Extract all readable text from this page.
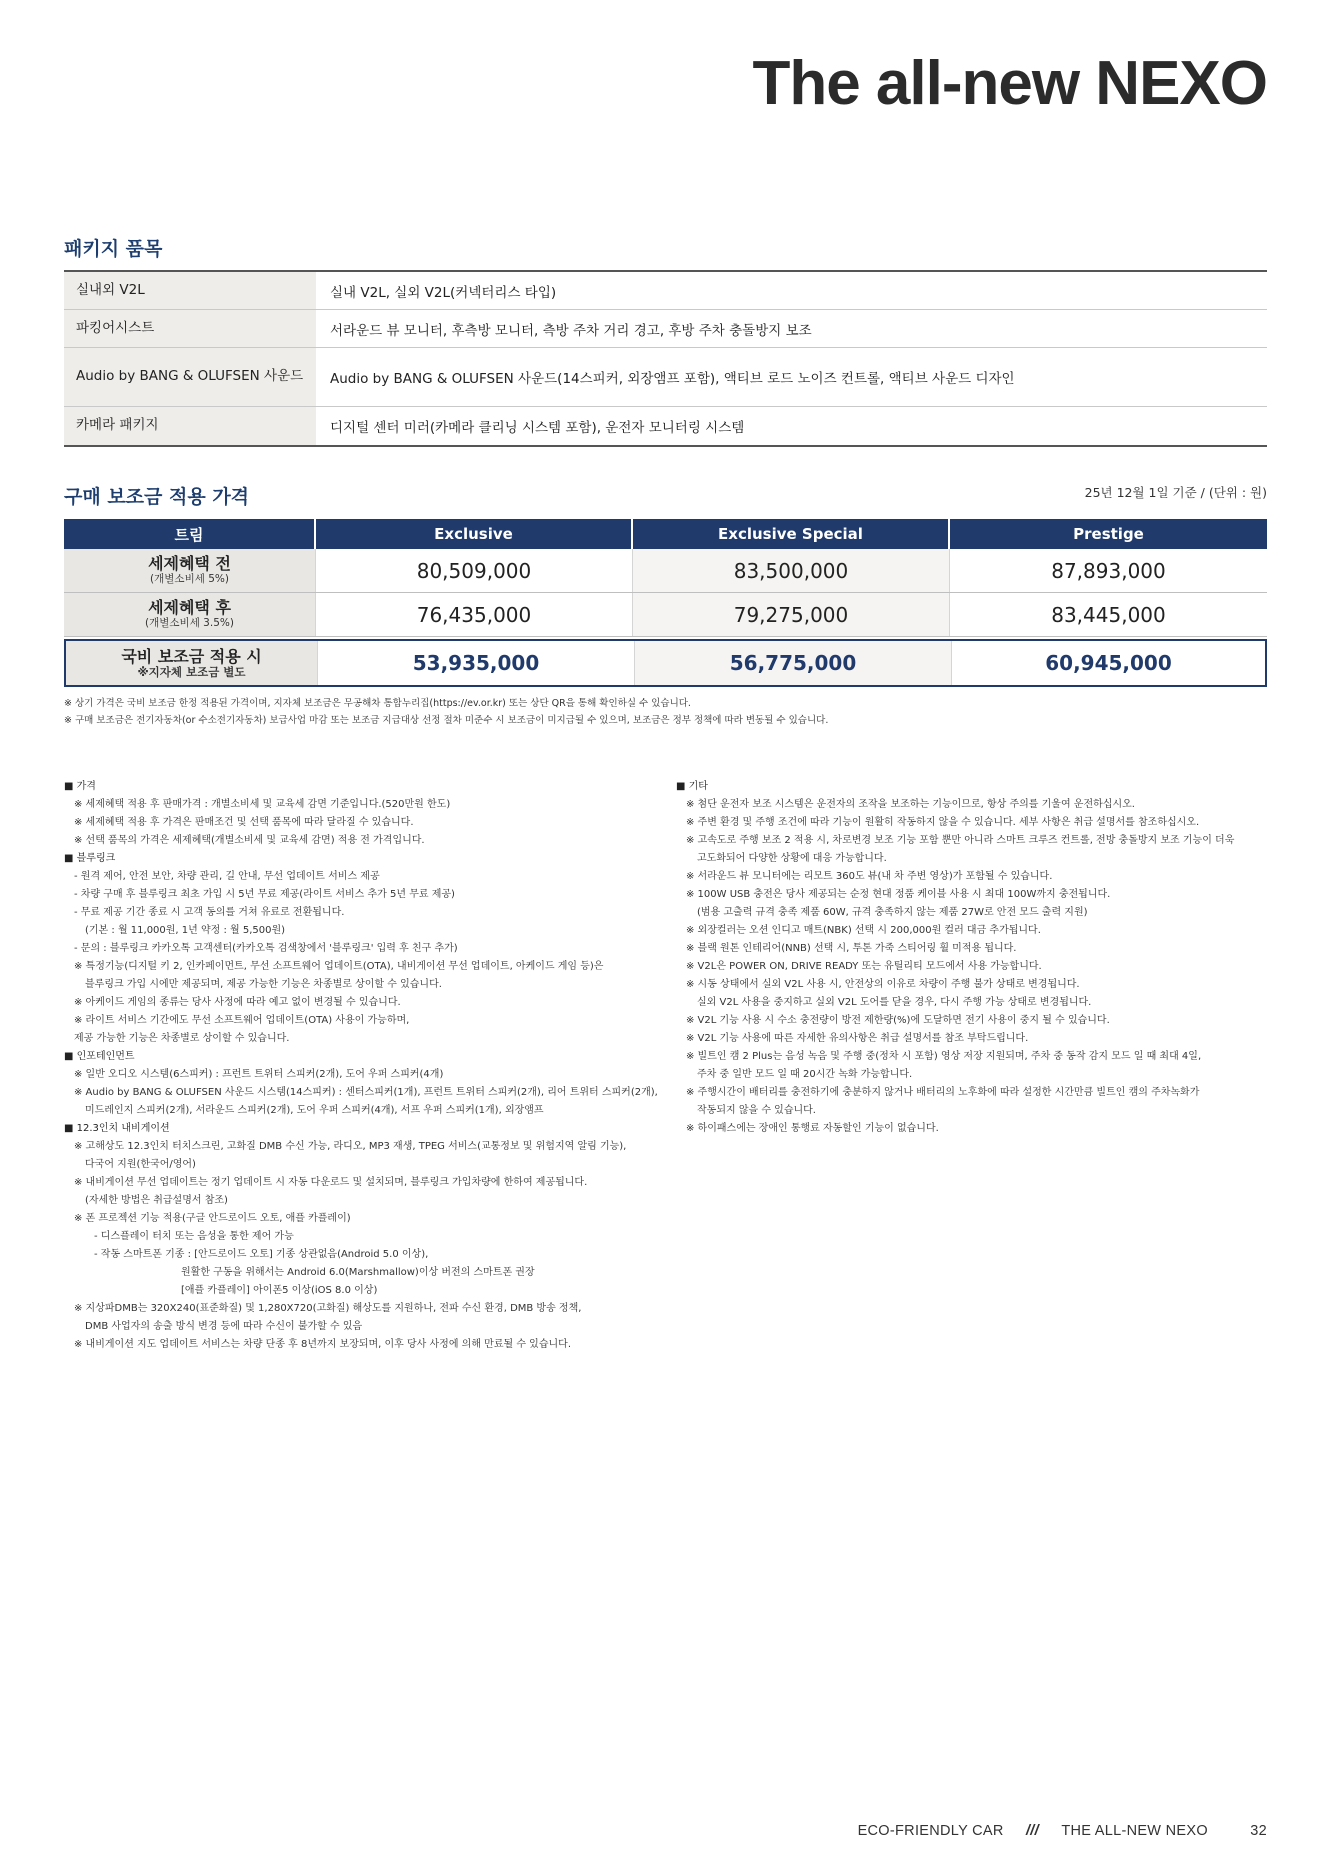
The all-new NEXO
패키지 품목
실내외 V2L	실내 V2L, 실외 V2L(커넥터리스 타입)
파킹어시스트	서라운드 뷰 모니터, 후측방 모니터, 측방 주차 거리 경고, 후방 주차 충돌방지 보조
Audio by BANG & OLUFSEN 사운드	Audio by BANG & OLUFSEN 사운드(14스피커, 외장앰프 포함), 액티브 로드 노이즈 컨트롤, 액티브 사운드 디자인
카메라 패키지	디지털 센터 미러(카메라 클리닝 시스템 포함), 운전자 모니터링 시스템
구매 보조금 적용 가격	25년 12월 1일 기준 / (단위 : 원)
트림	Exclusive	Exclusive Special	Prestige
세제혜택 전
(개별소비세 5%)	80,509,000	83,500,000	87,893,000
세제혜택 후
(개별소비세 3.5%)	76,435,000	79,275,000	83,445,000
국비 보조금 적용 시
※지자체 보조금 별도	53,935,000	56,775,000	60,945,000
※ 상기 가격은 국비 보조금 한정 적용된 가격이며, 지자체 보조금은 무공해차 통합누리집(https://ev.or.kr) 또는 상단 QR을 통해 확인하실 수 있습니다.
※ 구매 보조금은 전기자동차(or 수소전기자동차) 보급사업 마감 또는 보조금 지급대상 선정 절차 미준수 시 보조금이 미지급될 수 있으며, 보조금은 정부 정책에 따라 변동될 수 있습니다.
■ 가격
※ 세제혜택 적용 후 판매가격 : 개별소비세 및 교육세 감면 기준입니다.(520만원 한도)
※ 세제혜택 적용 후 가격은 판매조건 및 선택 품목에 따라 달라질 수 있습니다.
※ 선택 품목의 가격은 세제혜택(개별소비세 및 교육세 감면) 적용 전 가격입니다.
■ 블루링크
- 원격 제어, 안전 보안, 차량 관리, 길 안내, 무선 업데이트 서비스 제공
- 차량 구매 후 블루링크 최초 가입 시 5년 무료 제공(라이트 서비스 추가 5년 무료 제공)
- 무료 제공 기간 종료 시 고객 동의를 거쳐 유료로 전환됩니다.
(기본 : 월 11,000원, 1년 약정 : 월 5,500원)
- 문의 : 블루링크 카카오톡 고객센터(카카오톡 검색창에서 '블루링크' 입력 후 친구 추가)
※ 특정기능(디지털 키 2, 인카페이먼트, 무선 소프트웨어 업데이트(OTA), 내비게이션 무선 업데이트, 아케이드 게임 등)은
블루링크 가입 시에만 제공되며, 제공 가능한 기능은 차종별로 상이할 수 있습니다.
※ 아케이드 게임의 종류는 당사 사정에 따라 예고 없이 변경될 수 있습니다.
※ 라이트 서비스 기간에도 무선 소프트웨어 업데이트(OTA) 사용이 가능하며,
제공 가능한 기능은 차종별로 상이할 수 있습니다.
■ 인포테인먼트
※ 일반 오디오 시스템(6스피커) : 프런트 트위터 스피커(2개), 도어 우퍼 스피커(4개)
※ Audio by BANG & OLUFSEN 사운드 시스템(14스피커) : 센터스피커(1개), 프런트 트위터 스피커(2개), 리어 트위터 스피커(2개),
미드레인지 스피커(2개), 서라운드 스피커(2개), 도어 우퍼 스피커(4개), 서프 우퍼 스피커(1개), 외장앰프
■ 12.3인치 내비게이션
※ 고해상도 12.3인치 터치스크린, 고화질 DMB 수신 가능, 라디오, MP3 재생, TPEG 서비스(교통정보 및 위험지역 알림 기능),
다국어 지원(한국어/영어)
※ 내비게이션 무선 업데이트는 정기 업데이트 시 자동 다운로드 및 설치되며, 블루링크 가입차량에 한하여 제공됩니다.
(자세한 방법은 취급설명서 참조)
※ 폰 프로젝션 기능 적용(구글 안드로이드 오토, 애플 카플레이)
- 디스플레이 터치 또는 음성을 통한 제어 가능
- 작동 스마트폰 기종 : [안드로이드 오토] 기종 상관없음(Android 5.0 이상),
원활한 구동을 위해서는 Android 6.0(Marshmallow)이상 버전의 스마트폰 권장
[애플 카플레이] 아이폰5 이상(iOS 8.0 이상)
※ 지상파DMB는 320X240(표준화질) 및 1,280X720(고화질) 해상도를 지원하나, 전파 수신 환경, DMB 방송 정책,
DMB 사업자의 송출 방식 변경 등에 따라 수신이 불가할 수 있음
※ 내비게이션 지도 업데이트 서비스는 차량 단종 후 8년까지 보장되며, 이후 당사 사정에 의해 만료될 수 있습니다.
■ 기타
※ 첨단 운전자 보조 시스템은 운전자의 조작을 보조하는 기능이므로, 항상 주의를 기울여 운전하십시오.
※ 주변 환경 및 주행 조건에 따라 기능이 원활히 작동하지 않을 수 있습니다. 세부 사항은 취급 설명서를 참조하십시오.
※ 고속도로 주행 보조 2 적용 시, 차로변경 보조 기능 포함 뿐만 아니라 스마트 크루즈 컨트롤, 전방 충돌방지 보조 기능이 더욱
고도화되어 다양한 상황에 대응 가능합니다.
※ 서라운드 뷰 모니터에는 리모트 360도 뷰(내 차 주변 영상)가 포함될 수 있습니다.
※ 100W USB 충전은 당사 제공되는 순정 현대 정품 케이블 사용 시 최대 100W까지 충전됩니다.
(범용 고출력 규격 충족 제품 60W, 규격 충족하지 않는 제품 27W로 안전 모드 출력 지원)
※ 외장컬러는 오션 인디고 매트(NBK) 선택 시 200,000원 컬러 대금 추가됩니다.
※ 블랙 원톤 인테리어(NNB) 선택 시, 투톤 가죽 스티어링 휠 미적용 됩니다.
※ V2L은 POWER ON, DRIVE READY 또는 유틸리티 모드에서 사용 가능합니다.
※ 시동 상태에서 실외 V2L 사용 시, 안전상의 이유로 차량이 주행 불가 상태로 변경됩니다.
실외 V2L 사용을 중지하고 실외 V2L 도어를 닫을 경우, 다시 주행 가능 상태로 변경됩니다.
※ V2L 기능 사용 시 수소 충전량이 방전 제한량(%)에 도달하면 전기 사용이 중지 될 수 있습니다.
※ V2L 기능 사용에 따른 자세한 유의사항은 취급 설명서를 참조 부탁드립니다.
※ 빌트인 캠 2 Plus는 음성 녹음 및 주행 중(정차 시 포함) 영상 저장 지원되며, 주차 중 동작 감지 모드 일 때 최대 4일,
주차 중 일반 모드 일 때 20시간 녹화 가능합니다.
※ 주행시간이 배터리를 충전하기에 충분하지 않거나 배터리의 노후화에 따라 설정한 시간만큼 빌트인 캠의 주차녹화가
작동되지 않을 수 있습니다.
※ 하이패스에는 장애인 통행료 자동할인 기능이 없습니다.
ECO-FRIENDLY CAR /// THE ALL-NEW NEXO	32
